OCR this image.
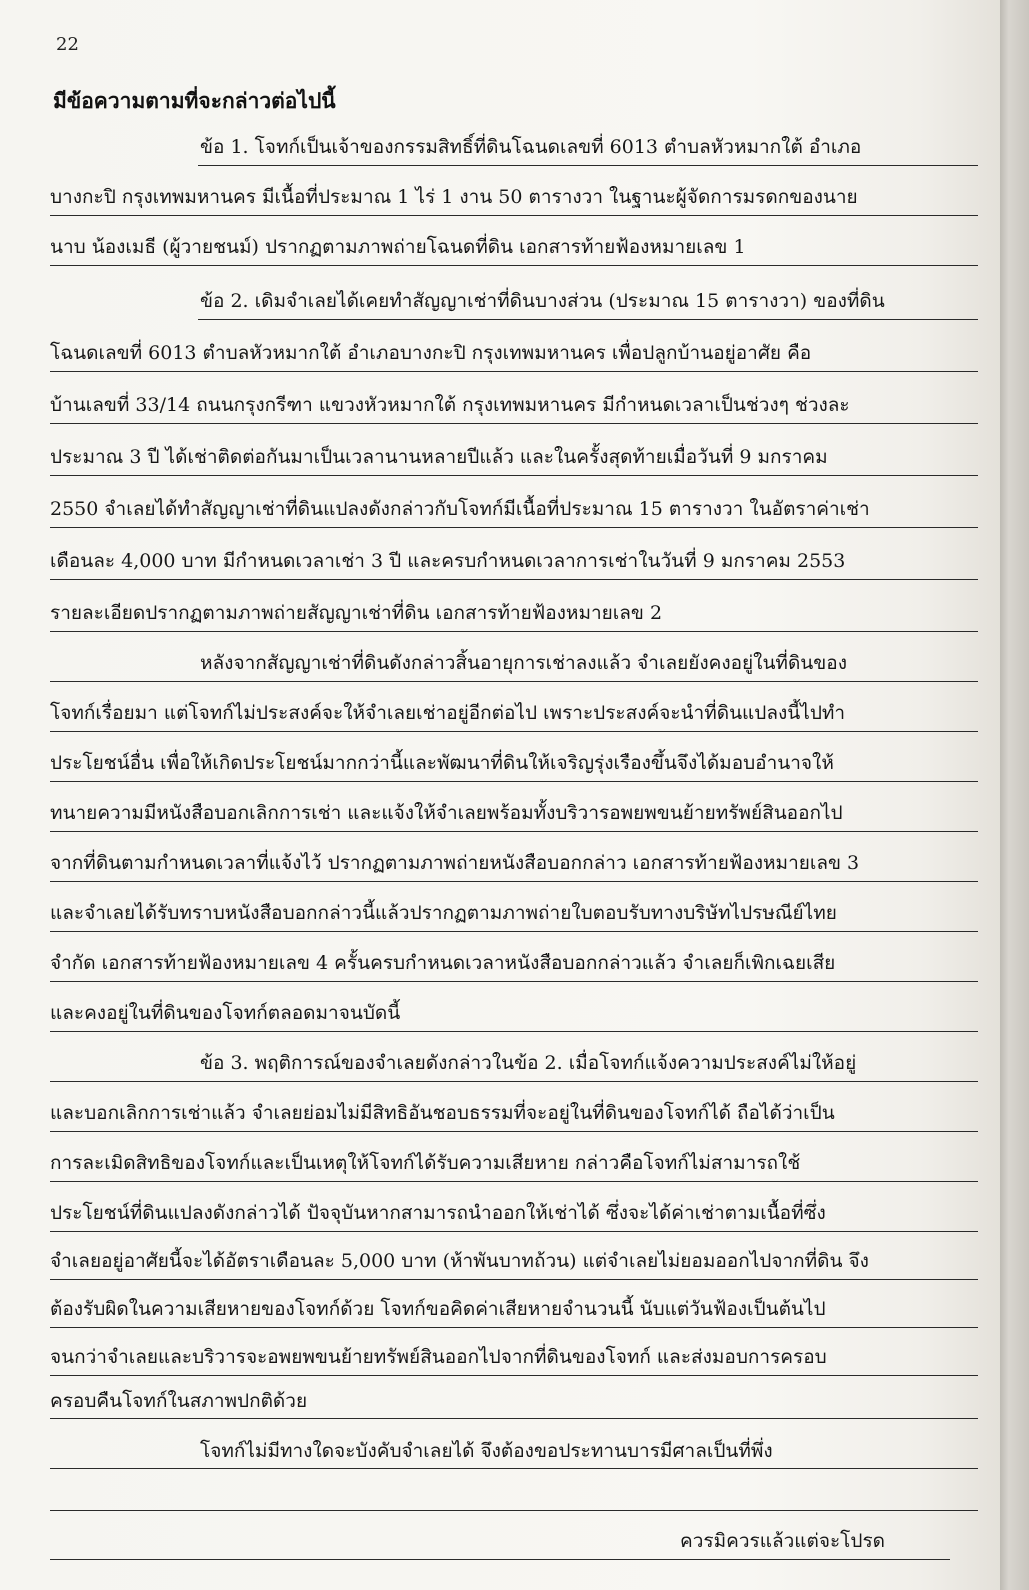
22
มีข้อความตามที่จะกล่าวต่อไปนี้
ข้อ 1. โจทก์เป็นเจ้าของกรรมสิทธิ์ที่ดินโฉนดเลขที่ 6013 ตำบลหัวหมากใต้ อำเภอ
บางกะปิ กรุงเทพมหานคร มีเนื้อที่ประมาณ 1 ไร่ 1 งาน 50 ตารางวา ในฐานะผู้จัดการมรดกของนาย
นาบ น้องเมธี (ผู้วายชนม์) ปรากฏตามภาพถ่ายโฉนดที่ดิน เอกสารท้ายฟ้องหมายเลข 1
ข้อ 2. เดิมจำเลยได้เคยทำสัญญาเช่าที่ดินบางส่วน (ประมาณ 15 ตารางวา) ของที่ดิน
โฉนดเลขที่ 6013 ตำบลหัวหมากใต้ อำเภอบางกะปิ กรุงเทพมหานคร เพื่อปลูกบ้านอยู่อาศัย คือ
บ้านเลขที่ 33/14 ถนนกรุงกรีฑา แขวงหัวหมากใต้ กรุงเทพมหานคร มีกำหนดเวลาเป็นช่วงๆ ช่วงละ
ประมาณ 3 ปี ได้เช่าติดต่อกันมาเป็นเวลานานหลายปีแล้ว และในครั้งสุดท้ายเมื่อวันที่ 9 มกราคม
2550 จำเลยได้ทำสัญญาเช่าที่ดินแปลงดังกล่าวกับโจทก์มีเนื้อที่ประมาณ 15 ตารางวา ในอัตราค่าเช่า
เดือนละ 4,000 บาท มีกำหนดเวลาเช่า 3 ปี และครบกำหนดเวลาการเช่าในวันที่ 9 มกราคม 2553
รายละเอียดปรากฏตามภาพถ่ายสัญญาเช่าที่ดิน เอกสารท้ายฟ้องหมายเลข 2
หลังจากสัญญาเช่าที่ดินดังกล่าวสิ้นอายุการเช่าลงแล้ว จำเลยยังคงอยู่ในที่ดินของ
โจทก์เรื่อยมา แต่โจทก์ไม่ประสงค์จะให้จำเลยเช่าอยู่อีกต่อไป เพราะประสงค์จะนำที่ดินแปลงนี้ไปทำ
ประโยชน์อื่น เพื่อให้เกิดประโยชน์มากกว่านี้และพัฒนาที่ดินให้เจริญรุ่งเรืองขึ้นจึงได้มอบอำนาจให้
ทนายความมีหนังสือบอกเลิกการเช่า และแจ้งให้จำเลยพร้อมทั้งบริวารอพยพขนย้ายทรัพย์สินออกไป
จากที่ดินตามกำหนดเวลาที่แจ้งไว้ ปรากฏตามภาพถ่ายหนังสือบอกกล่าว เอกสารท้ายฟ้องหมายเลข 3
และจำเลยได้รับทราบหนังสือบอกกล่าวนี้แล้วปรากฏตามภาพถ่ายใบตอบรับทางบริษัทไปรษณีย์ไทย
จำกัด เอกสารท้ายฟ้องหมายเลข 4 ครั้นครบกำหนดเวลาหนังสือบอกกล่าวแล้ว จำเลยก็เพิกเฉยเสีย
และคงอยู่ในที่ดินของโจทก์ตลอดมาจนบัดนี้
ข้อ 3. พฤติการณ์ของจำเลยดังกล่าวในข้อ 2. เมื่อโจทก์แจ้งความประสงค์ไม่ให้อยู่
และบอกเลิกการเช่าแล้ว จำเลยย่อมไม่มีสิทธิอันชอบธรรมที่จะอยู่ในที่ดินของโจทก์ได้ ถือได้ว่าเป็น
การละเมิดสิทธิของโจทก์และเป็นเหตุให้โจทก์ได้รับความเสียหาย กล่าวคือโจทก์ไม่สามารถใช้
ประโยชน์ที่ดินแปลงดังกล่าวได้ ปัจจุบันหากสามารถนำออกให้เช่าได้ ซึ่งจะได้ค่าเช่าตามเนื้อที่ซึ่ง
จำเลยอยู่อาศัยนี้จะได้อัตราเดือนละ 5,000 บาท (ห้าพันบาทถ้วน) แต่จำเลยไม่ยอมออกไปจากที่ดิน จึง
ต้องรับผิดในความเสียหายของโจทก์ด้วย โจทก์ขอคิดค่าเสียหายจำนวนนี้ นับแต่วันฟ้องเป็นต้นไป
จนกว่าจำเลยและบริวารจะอพยพขนย้ายทรัพย์สินออกไปจากที่ดินของโจทก์ และส่งมอบการครอบ
ครอบคืนโจทก์ในสภาพปกติด้วย
โจทก์ไม่มีทางใดจะบังคับจำเลยได้ จึงต้องขอประทานบารมีศาลเป็นที่พึ่ง
ควรมิควรแล้วแต่จะโปรด
